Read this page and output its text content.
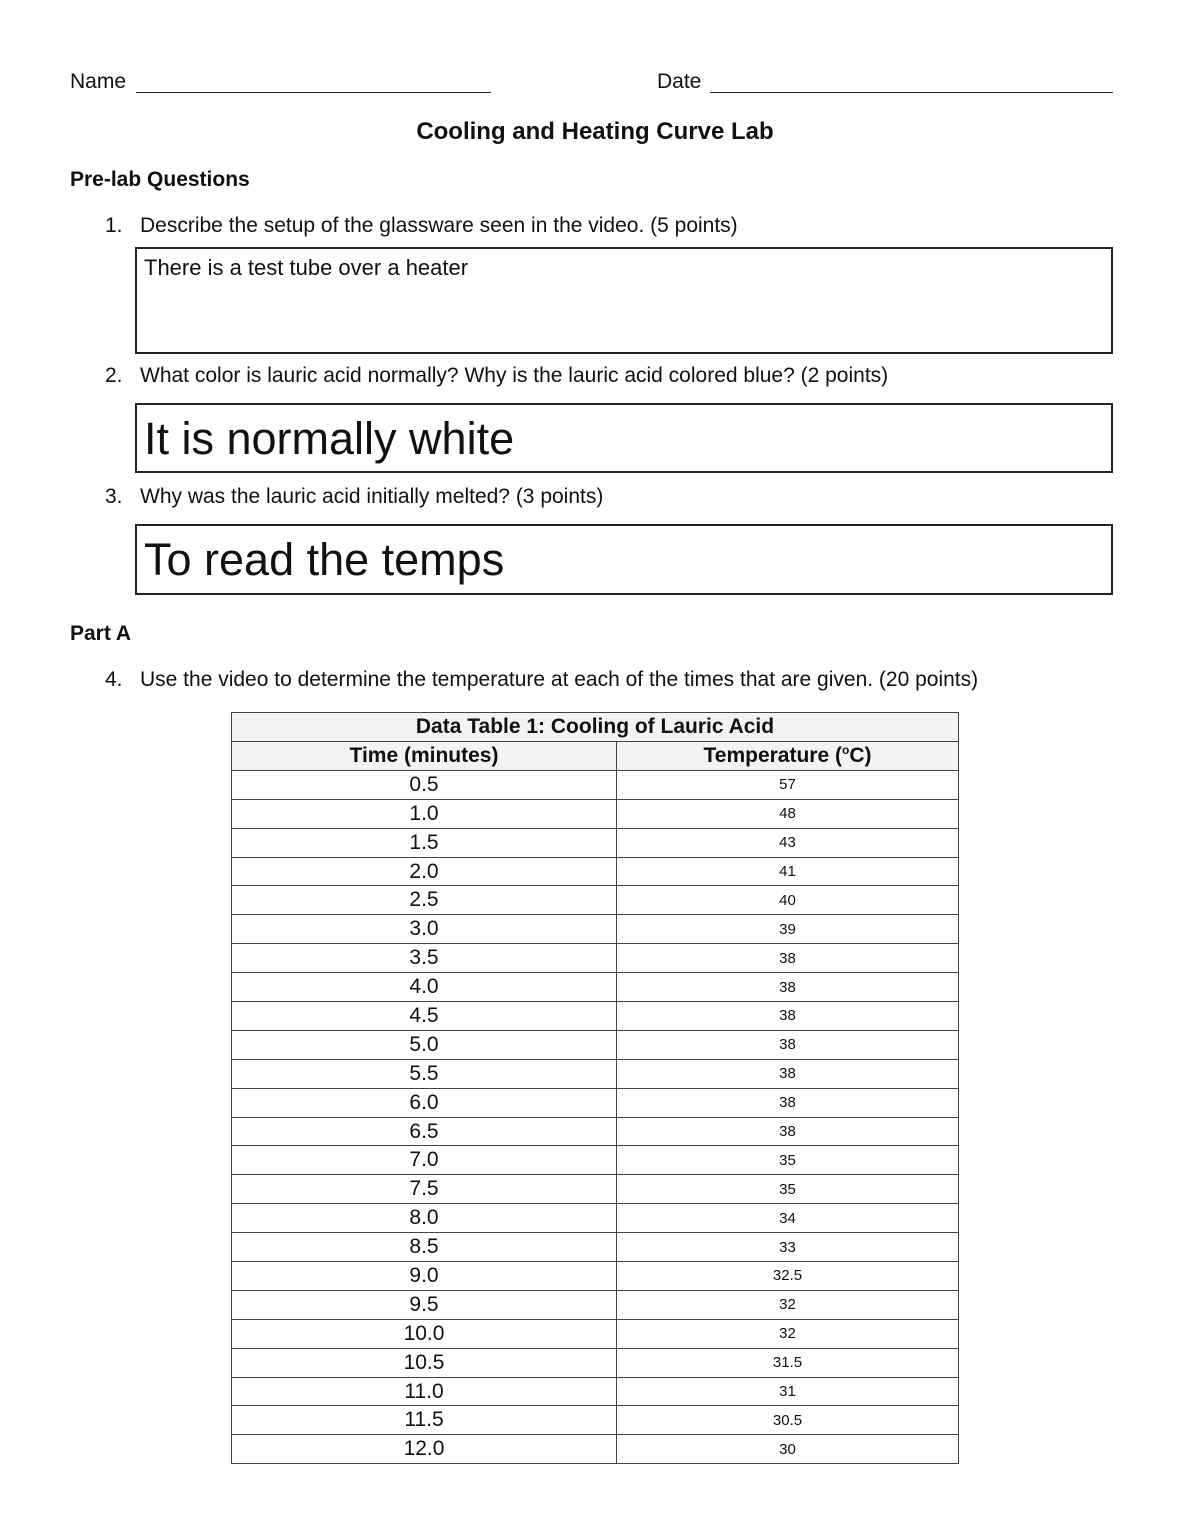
Name	Date
Cooling and Heating Curve Lab
Pre-lab Questions
1. Describe the setup of the glassware seen in the video. (5 points)
There is a test tube over a heater
2. What color is lauric acid normally? Why is the lauric acid colored blue? (2 points)
It is normally white
3. Why was the lauric acid initially melted? (3 points)
To read the temps
Part A
4. Use the video to determine the temperature at each of the times that are given. (20 points)
Data Table 1: Cooling of Lauric Acid	
Time (minutes)	Temperature ($^o$C)
0.5	57
1.0	48
1.5	43
2.0	41
2.5	40
3.0	39
3.5	38
4.0	38
4.5	38
5.0	38
5.5	38
6.0	38
6.5	38
7.0	35
7.5	35
8.0	34
8.5	33
9.0	32.5
9.5	32
10.0	32
10.5	31.5
11.0	31
11.5	30.5
12.0	30
